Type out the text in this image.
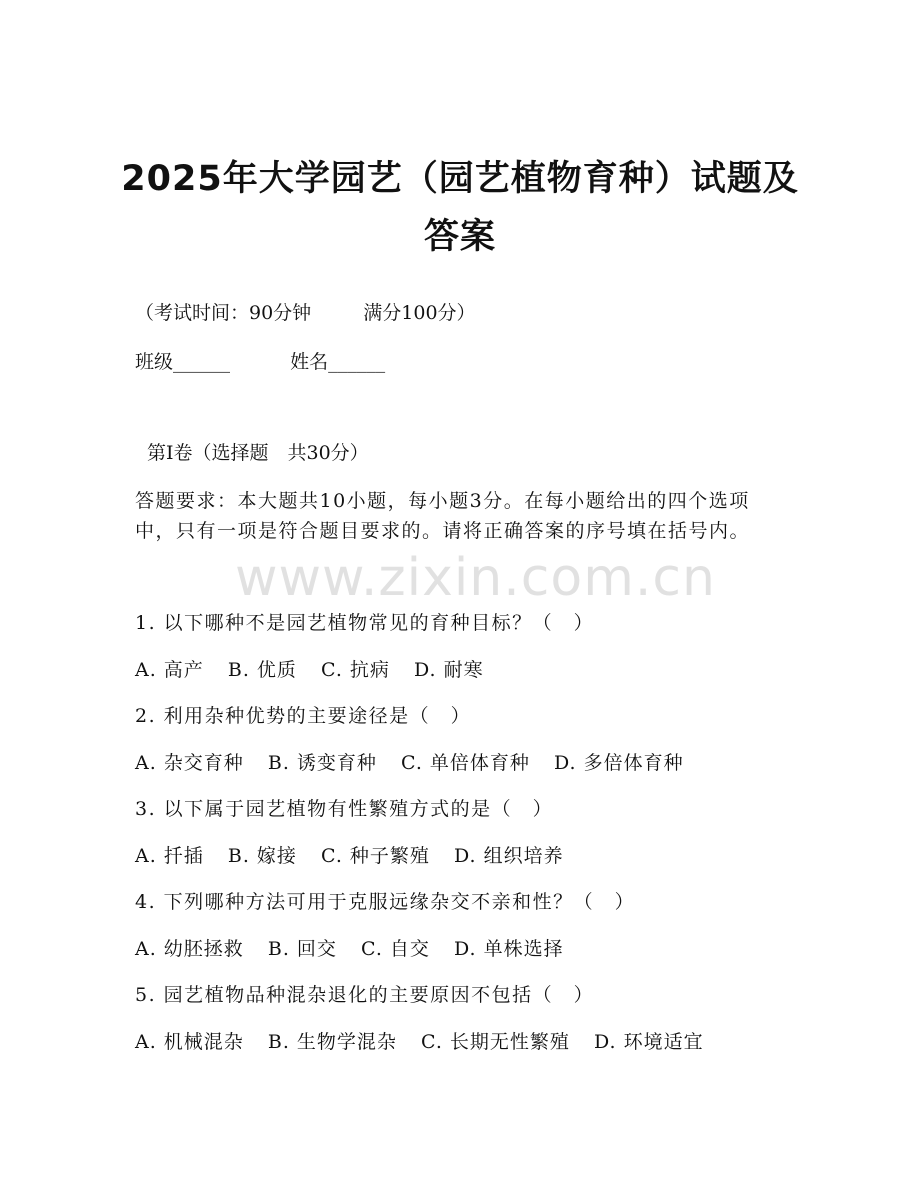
2025年大学园艺（园艺植物育种）试题及答案
（考试时间：90分钟	满分100分）
班级______	姓名______
第Ⅰ卷（选择题　共30分）
答题要求：本大题共10小题，每小题3分。在每小题给出的四个选项
中，只有一项是符合题目要求的。请将正确答案的序号填在括号内。
www.zixin.com.cn
1. 以下哪种不是园艺植物常见的育种目标？（　）
A. 高产 B. 优质 C. 抗病 D. 耐寒
2. 利用杂种优势的主要途径是（　）
A. 杂交育种 B. 诱变育种 C. 单倍体育种 D. 多倍体育种
3. 以下属于园艺植物有性繁殖方式的是（　）
A. 扦插 B. 嫁接 C. 种子繁殖 D. 组织培养
4. 下列哪种方法可用于克服远缘杂交不亲和性？（　）
A. 幼胚拯救 B. 回交 C. 自交 D. 单株选择
5. 园艺植物品种混杂退化的主要原因不包括（　）
A. 机械混杂 B. 生物学混杂 C. 长期无性繁殖 D. 环境适宜
